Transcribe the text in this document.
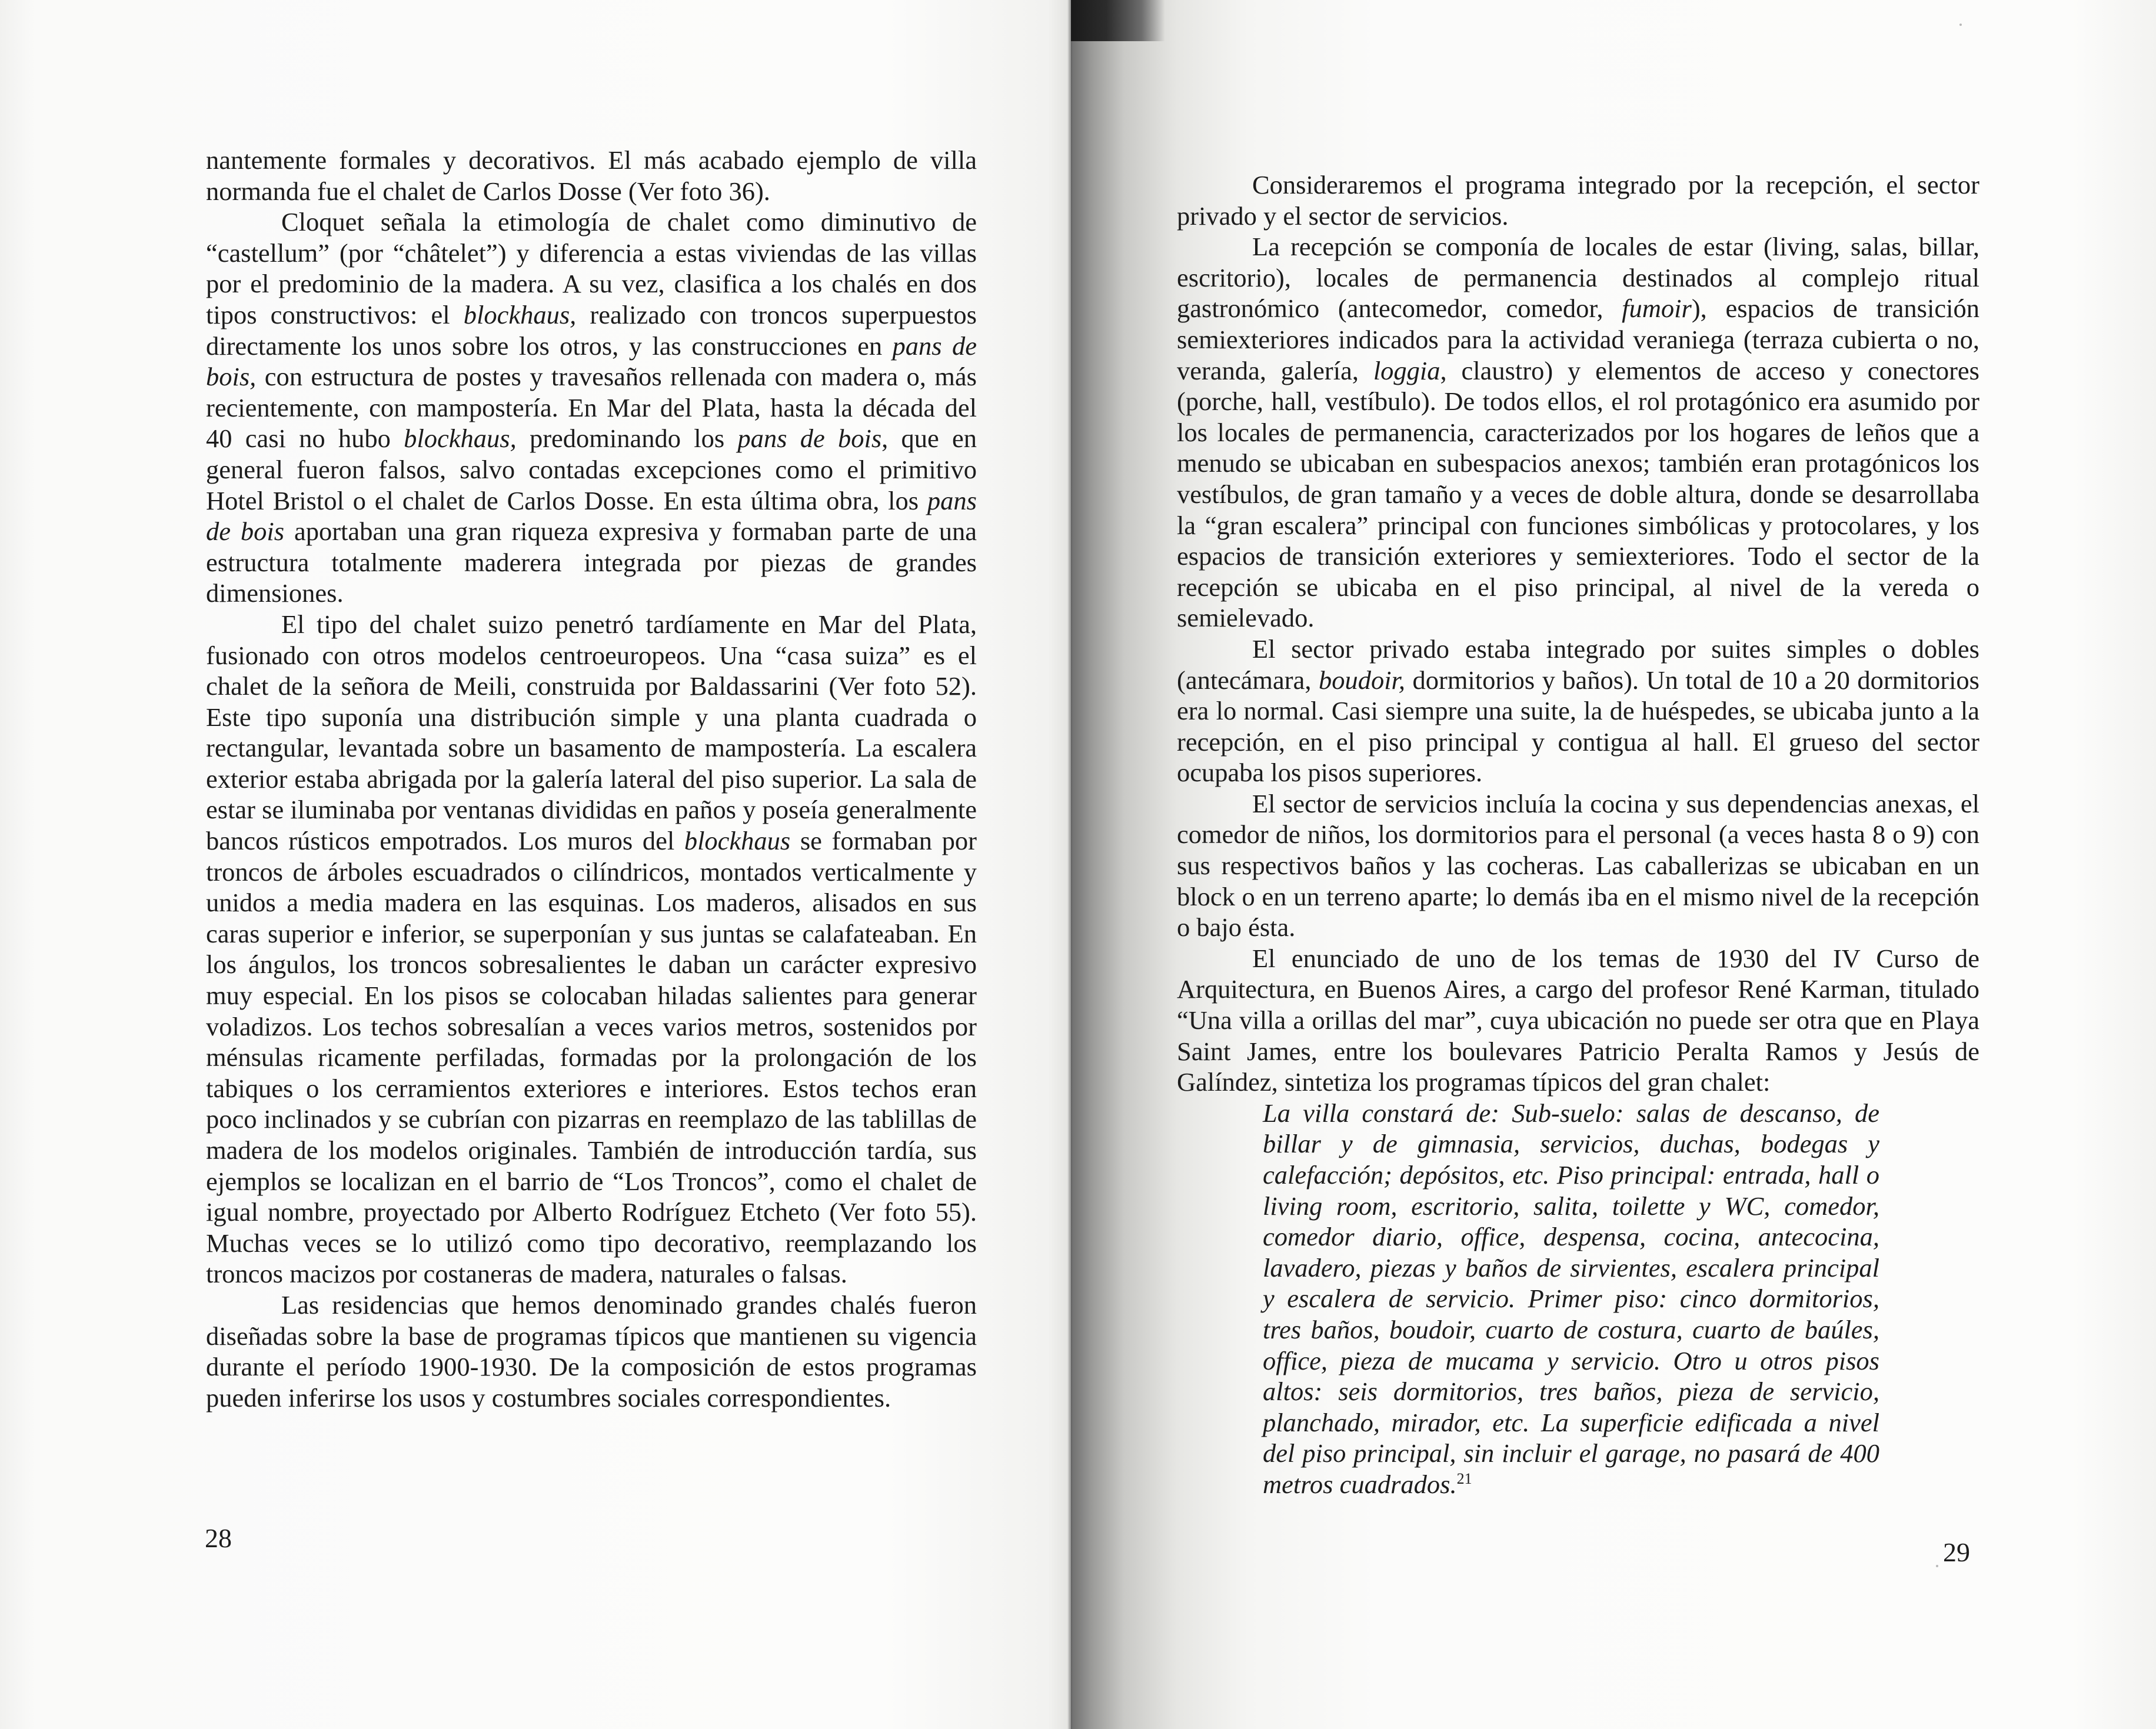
nantemente formales y decorativos. El más acabado ejemplo de villa normanda fue el chalet de Carlos Dosse (Ver foto 36).

Cloquet señala la etimología de chalet como diminutivo de “castellum” (por “châtelet”) y diferencia a estas viviendas de las villas por el predominio de la madera. A su vez, clasifica a los chalés en dos tipos constructivos: el blockhaus, realizado con troncos superpuestos directamente los unos sobre los otros, y las construcciones en pans de bois, con estructura de postes y travesaños rellenada con madera o, más recientemente, con mampostería. En Mar del Plata, hasta la década del 40 casi no hubo blockhaus, predominando los pans de bois, que en general fueron falsos, salvo contadas excepciones como el primitivo Hotel Bristol o el chalet de Carlos Dosse. En esta última obra, los pans de bois aportaban una gran riqueza expresiva y formaban parte de una estructura totalmente maderera integrada por piezas de grandes dimensiones.

El tipo del chalet suizo penetró tardíamente en Mar del Plata, fusionado con otros modelos centroeuropeos. Una “casa suiza” es el chalet de la señora de Meili, construida por Baldassarini (Ver foto 52). Este tipo suponía una distribución simple y una planta cuadrada o rectangular, levantada sobre un basamento de mampostería. La escalera exterior estaba abrigada por la galería lateral del piso superior. La sala de estar se iluminaba por ventanas divididas en paños y poseía generalmente bancos rústicos empotrados. Los muros del blockhaus se formaban por troncos de árboles escuadrados o cilíndricos, montados verticalmente y unidos a media madera en las esquinas. Los maderos, alisados en sus caras superior e inferior, se superponían y sus juntas se calafateaban. En los ángulos, los troncos sobresalientes le daban un carácter expresivo muy especial. En los pisos se colocaban hiladas salientes para generar voladizos. Los techos sobresalían a veces varios metros, sostenidos por ménsulas ricamente perfiladas, formadas por la prolongación de los tabiques o los cerramientos exteriores e interiores. Estos techos eran poco inclinados y se cubrían con pizarras en reemplazo de las tablillas de madera de los modelos originales. También de introducción tardía, sus ejemplos se localizan en el barrio de “Los Troncos”, como el chalet de igual nombre, proyectado por Alberto Rodríguez Etcheto (Ver foto 55). Muchas veces se lo utilizó como tipo decorativo, reemplazando los troncos macizos por costaneras de madera, naturales o falsas.

Las residencias que hemos denominado grandes chalés fueron diseñadas sobre la base de programas típicos que mantienen su vigencia durante el período 1900-1930. De la composición de estos programas pueden inferirse los usos y costumbres sociales correspondientes.

28

Consideraremos el programa integrado por la recepción, el sector privado y el sector de servicios.

La recepción se componía de locales de estar (living, salas, billar, escritorio), locales de permanencia destinados al complejo ritual gastronómico (antecomedor, comedor, fumoir), espacios de transición semiexteriores indicados para la actividad veraniega (terraza cubierta o no, veranda, galería, loggia, claustro) y elementos de acceso y conectores (porche, hall, vestíbulo). De todos ellos, el rol protagónico era asumido por los locales de permanencia, caracterizados por los hogares de leños que a menudo se ubicaban en subespacios anexos; también eran protagónicos los vestíbulos, de gran tamaño y a veces de doble altura, donde se desarrollaba la “gran escalera” principal con funciones simbólicas y protocolares, y los espacios de transición exteriores y semiexteriores. Todo el sector de la recepción se ubicaba en el piso principal, al nivel de la vereda o semielevado.

El sector privado estaba integrado por suites simples o dobles (antecámara, boudoir, dormitorios y baños). Un total de 10 a 20 dormitorios era lo normal. Casi siempre una suite, la de huéspedes, se ubicaba junto a la recepción, en el piso principal y contigua al hall. El grueso del sector ocupaba los pisos superiores.

El sector de servicios incluía la cocina y sus dependencias anexas, el comedor de niños, los dormitorios para el personal (a veces hasta 8 o 9) con sus respectivos baños y las cocheras. Las caballerizas se ubicaban en un block o en un terreno aparte; lo demás iba en el mismo nivel de la recepción o bajo ésta.

El enunciado de uno de los temas de 1930 del IV Curso de Arquitectura, en Buenos Aires, a cargo del profesor René Karman, titulado “Una villa a orillas del mar”, cuya ubicación no puede ser otra que en Playa Saint James, entre los boulevares Patricio Peralta Ramos y Jesús de Galíndez, sintetiza los programas típicos del gran chalet:

La villa constará de: Sub-suelo: salas de descanso, de billar y de gimnasia, servicios, duchas, bodegas y calefacción; depósitos, etc. Piso principal: entrada, hall o living room, escritorio, salita, toilette y WC, comedor, comedor diario, office, despensa, cocina, antecocina, lavadero, piezas y baños de sirvientes, escalera principal y escalera de servicio. Primer piso: cinco dormitorios, tres baños, boudoir, cuarto de costura, cuarto de baúles, office, pieza de mucama y servicio. Otro u otros pisos altos: seis dormitorios, tres baños, pieza de servicio, planchado, mirador, etc. La superficie edificada a nivel del piso principal, sin incluir el garage, no pasará de 400 metros cuadrados.$^{21}$

29
